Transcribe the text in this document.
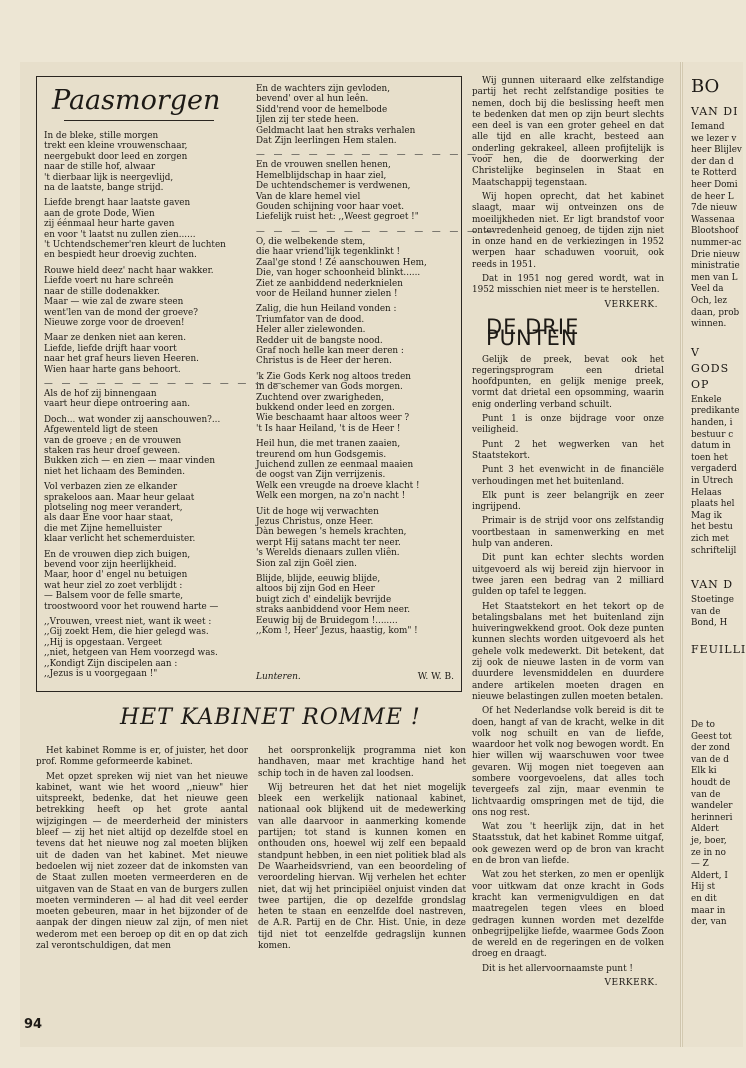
Paasmorgen

In de bleke, stille morgen
trekt een kleine vrouwenschaar,
neergebukt door leed en zorgen
naar de stille hof, alwaar
't dierbaar lijk is neergevlijd,
na de laatste, bange strijd.

Liefde brengt haar laatste gaven
aan de grote Dode, Wien
zij éénmaal heur harte gaven
en voor 't laatst nu zullen zien......
't Uchtendschemer'ren kleurt de luchten
en bespiedt heur droevig zuchten.

Rouwe hield deez' nacht haar wakker.
Liefde voert nu hare schreên
naar de stille dodenakker.
Maar — wie zal de zware steen
went'len van de mond der groeve?
Nieuwe zorge voor de droeven!

Maar ze denken niet aan keren.
Liefde, liefde drijft haar voort
naar het graf heurs lieven Heeren.
Wien haar harte gans behoort.

— — — — — — — — — — — — — —

Als de hof zij binnengaan
vaart heur diepe ontroering aan.

Doch... wat wonder zij aanschouwen?...
Afgewenteld ligt de steen
van de groeve ; en de vrouwen
staken ras heur droef geween.
Bukken zich — en zien — maar vinden
niet het lichaam des Beminden.

Vol verbazen zien ze elkander
sprakeloos aan. Maar heur gelaat
plotseling nog meer verandert,
als daar Ene voor haar staat,
die met Zijne hemelluister
klaar verlicht het schemerduister.

En de vrouwen diep zich buigen,
bevend voor zijn heerlijkheid.
Maar, hoor d' engel nu betuigen
wat heur ziel zo zoet verblijdt :
— Balsem voor de felle smarte,
troostwoord voor het rouwend harte —

,,Vrouwen, vreest niet, want ik weet :
,,Gij zoekt Hem, die hier gelegd was.
,,Hij is opgestaan. Vergeet
,,niet, hetgeen van Hem voorzegd was.
,,Kondigt Zijn discipelen aan :
,,Jezus is u voorgegaan !"

En de wachters zijn gevloden,
bevend' over al hun leên.
Sidd'rend voor de hemelbode
Ijlen zij ter stede heen.
Geldmacht laat hen straks verhalen
Dat Zijn leerlingen Hem stalen.

— — — — — — — — — — — — — —

En de vrouwen snellen henen,
Hemelblijdschap in haar ziel,
De uchtendschemer is verdwenen,
Van de klare hemel viel
Gouden schijning voor haar voet.
Liefelijk ruist het: ,,Weest gegroet !"

— — — — — — — — — — — — — —

O, die welbekende stem,
die haar vriend'lijk tegenklinkt !
Zaal'ge stond ! Zé aanschouwen Hem,
Die, van hoger schoonheid blinkt......
Ziet ze aanbiddend nederknielen
voor de Heiland hunner zielen !

Zalig, die hun Heiland vonden :
Triumfator van de dood.
Heler aller zielewonden.
Redder uit de bangste nood.
Graf noch helle kan meer deren :
Christus is de Heer der heren.

'k Zie Gods Kerk nog altoos treden
in de schemer van Gods morgen.
Zuchtend over zwarigheden,
bukkend onder leed en zorgen.
Wie beschaamt haar altoos weer ?
't Is haar Heiland, 't is de Heer !

Heil hun, die met tranen zaaien,
treurend om hun Godsgemis.
Juichend zullen ze eenmaal maaien
de oogst van Zijn verrijzenis.
Welk een vreugde na droeve klacht !
Welk een morgen, na zo'n nacht !

Uit de hoge wij verwachten
Jezus Christus, onze Heer.
Dàn bewegen 's hemels krachten,
werpt Hij satans macht ter neer.
's Werelds dienaars zullen vliên.
Sion zal zijn Goël zien.

Blijde, blijde, eeuwig blijde,
altoos bij zijn God en Heer
buigt zich d' eindelijk bevrijde
straks aanbiddend voor Hem neer.
Eeuwig bij de Bruidegom !........
,,Kom !, Heer' Jezus, haastig, kom" !

Lunteren.	W. W. B.
HET KABINET ROMME !

Het kabinet Romme is er, of juister, het door prof. Romme geformeerde kabinet.

Met opzet spreken wij niet van het nieuwe kabinet, want wie het woord ,,nieuw" hier uitspreekt, bedenke, dat het nieuwe geen betrekking heeft op het grote aantal wijzigingen — de meerderheid der ministers bleef — zij het niet altijd op dezelfde stoel en tevens dat het nieuwe nog zal moeten blijken uit de daden van het kabinet. Met nieuwe bedoelen wij niet zozeer dat de inkomsten van de Staat zullen moeten vermeerderen en de uitgaven van de Staat en van de burgers zullen moeten verminderen — al had dit veel eerder moeten gebeuren, maar in het bijzonder of de aanpak der dingen nieuw zal zijn, of men niet wederom met een beroep op dit en op dat zich zal verontschuldigen, dat men

het oorspronkelijk programma niet kon handhaven, maar met krachtige hand het schip toch in de haven zal loodsen.

Wij betreuren het dat het niet mogelijk bleek een werkelijk nationaal kabinet, nationaal ook blijkend uit de medewerking van alle daarvoor in aanmerking komende partijen; tot stand is kunnen komen en onthouden ons, hoewel wij zelf een bepaald standpunt hebben, in een niet politiek blad als De Waarheidsvriend, van een beoordeling of veroordeling hiervan. Wij verhelen het echter niet, dat wij het principiëel onjuist vinden dat twee partijen, die op dezelfde grondslag heten te staan en eenzelfde doel nastreven, de A.R. Partij en de Chr. Hist. Unie, in deze tijd niet tot eenzelfde gedragslijn kunnen komen.

Wij gunnen uiteraard elke zelfstandige partij het recht zelfstandige posities te nemen, doch bij die beslissing heeft men te bedenken dat men op zijn beurt slechts een deel is van een groter geheel en dat alle tijd en alle kracht, besteed aan onderling gekrakeel, alleen profijtelijk is voor hen, die de doorwerking der Christelijke beginselen in Staat en Maatschappij tegenstaan.

Wij hopen oprecht, dat het kabinet slaagt, maar wij ontveinzen ons de moeilijkheden niet. Er ligt brandstof voor ontevredenheid genoeg, de tijden zijn niet in onze hand en de verkiezingen in 1952 werpen haar schaduwen vooruit, ook reeds in 1951.

Dat in 1951 nog gered wordt, wat in 1952 misschien niet meer is te herstellen.

VERKERK.
DE DRIE PUNTEN

Gelijk de preek, bevat ook het regeringsprogram een drietal hoofdpunten, en gelijk menige preek, vormt dat drietal een opsomming, waarin enig onderling verband schuilt.

Punt 1 is onze bijdrage voor onze veiligheid.

Punt 2 het wegwerken van het Staatstekort.

Punt 3 het evenwicht in de financiële verhoudingen met het buitenland.

Elk punt is zeer belangrijk en zeer ingrijpend.

Primair is de strijd voor ons zelfstandig voortbestaan in samenwerking en met hulp van anderen.

Dit punt kan echter slechts worden uitgevoerd als wij bereid zijn hiervoor in twee jaren een bedrag van 2 milliard gulden op tafel te leggen.

Het Staatstekort en het tekort op de betalingsbalans met het buitenland zijn huiveringwekkend groot. Ook deze punten kunnen slechts worden uitgevoerd als het gehele volk medewerkt. Dit betekent, dat zij ook de nieuwe lasten in de vorm van duurdere levensmiddelen en duurdere andere artikelen moeten dragen en nieuwe belastingen zullen moeten betalen.

Of het Nederlandse volk bereid is dit te doen, hangt af van de kracht, welke in dit volk nog schuilt en van de liefde, waardoor het volk nog bewogen wordt. En hier willen wij waarschuwen voor twee gevaren. Wij mogen niet toegeven aan sombere voorgevoelens, dat alles toch tevergeefs zal zijn, maar evenmin te lichtvaardig omspringen met de tijd, die ons nog rest.

Wat zou 't heerlijk zijn, dat in het Staatsstuk, dat het kabinet Romme uitgaf, ook gewezen werd op de bron van kracht en de bron van liefde.

Wat zou het sterken, zo men er openlijk voor uitkwam dat onze kracht in Gods kracht kan vermenigvuldigen en dat maatregelen tegen vlees en bloed gedragen kunnen worden met dezelfde onbegrijpelijke liefde, waarmee Gods Zoon de wereld en de regeringen en de volken droeg en draagt.

Dit is het allervoornaamste punt !

VERKERK.
94
BO
VAN DI
Iemand
we lezer v
heer Blijlev
der dan d
te Rotterd
heer Domi
de heer L
7de nieuw
Wassenaa
Blootshoof
nummer-ac
Drie nieuw
ministratie
men van L
Veel da
Och, lez
daan, prob
winnen.
V
GODS
OP
Enkele
predikante
handen, i
bestuur c
datum in
toen het
vergaderd
in Utrech
Helaas
plaats hel
Mag ik
het bestu
zich met
schriftelijl
VAN D
Stoetinge
van de
Bond, H
FEUILLI
De to
Geest tot
der zond
van de d
Elk ki
houdt de
van de
wandeler
herinneri
Aldert
je, boer,
ze in no
— Z
Aldert, I
Hij st
en dit
maar in
der, van
